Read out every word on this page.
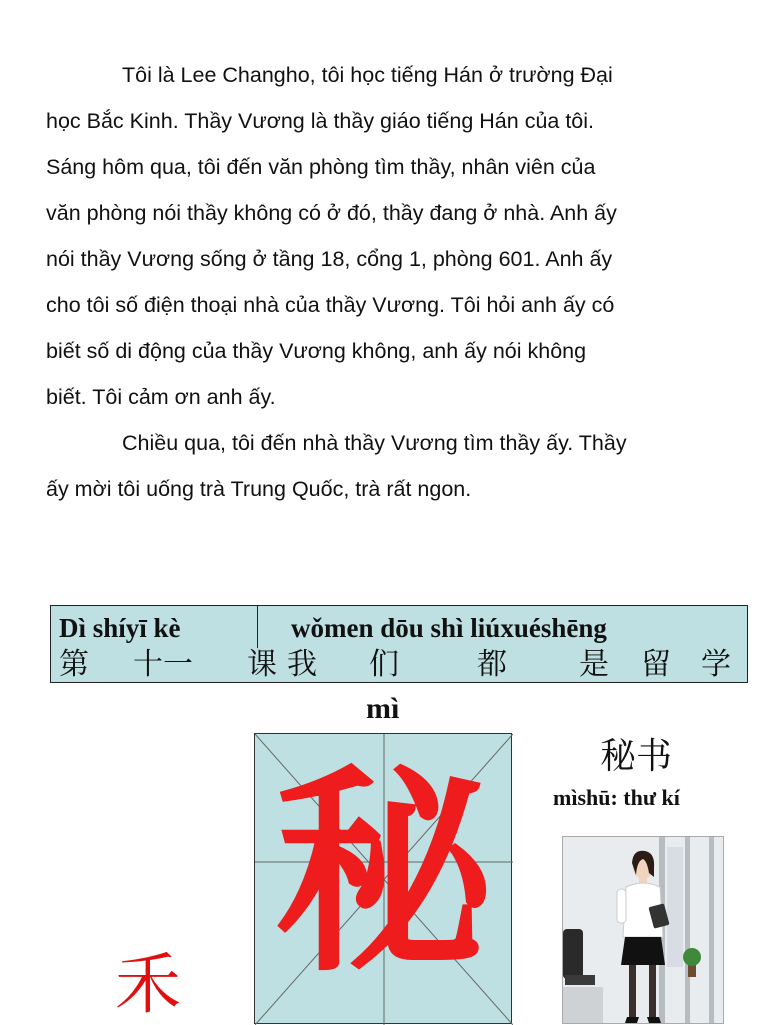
Tôi là Lee Changho, tôi học tiếng Hán ở trường Đại
học Bắc Kinh. Thầy Vương là thầy giáo tiếng Hán của tôi.
Sáng hôm qua, tôi đến văn phòng tìm thầy, nhân viên của
văn phòng nói thầy không có ở đó, thầy đang ở nhà. Anh ấy
nói thầy Vương sống ở tầng 18, cổng 1, phòng 601. Anh ấy
cho tôi số điện thoại nhà của thầy Vương. Tôi hỏi anh ấy có
biết số di động của thầy Vương không, anh ấy nói không
biết. Tôi cảm ơn anh ấy.
Chiều qua, tôi đến nhà thầy Vương tìm thầy ấy. Thầy
ấy mời tôi uống trà Trung Quốc, trà rất ngon.
Dì shíyī kè	wǒmen dōu shì liúxuéshēng
第 十一 课 我 们	都 是 留 学
mì
秘
禾
秘书
mìshū: thư kí
